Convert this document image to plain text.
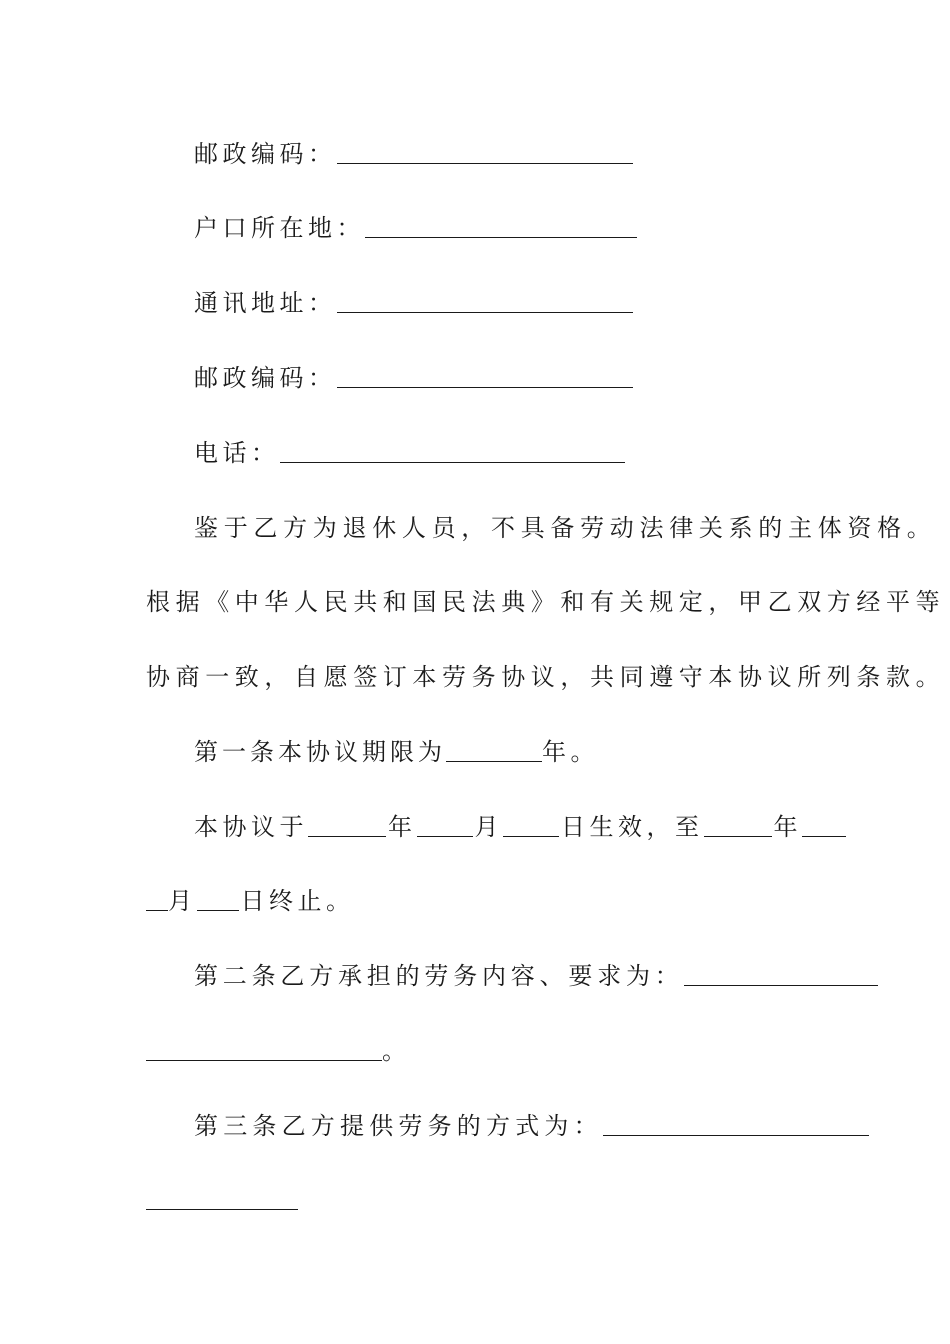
邮政编码：
户口所在地：
通讯地址：
邮政编码：
电话：
鉴于乙方为退休人员，不具备劳动法律关系的主体资格。
根据《中华人民共和国民法典》和有关规定，甲乙双方经平等
协商一致，自愿签订本劳务协议，共同遵守本协议所列条款。
第一条本协议期限为	年。
本协议于	年 月 日生效，至	年
月 日终止。
第二条乙方承担的劳务内容、要求为：
。
第三条乙方提供劳务的方式为：
